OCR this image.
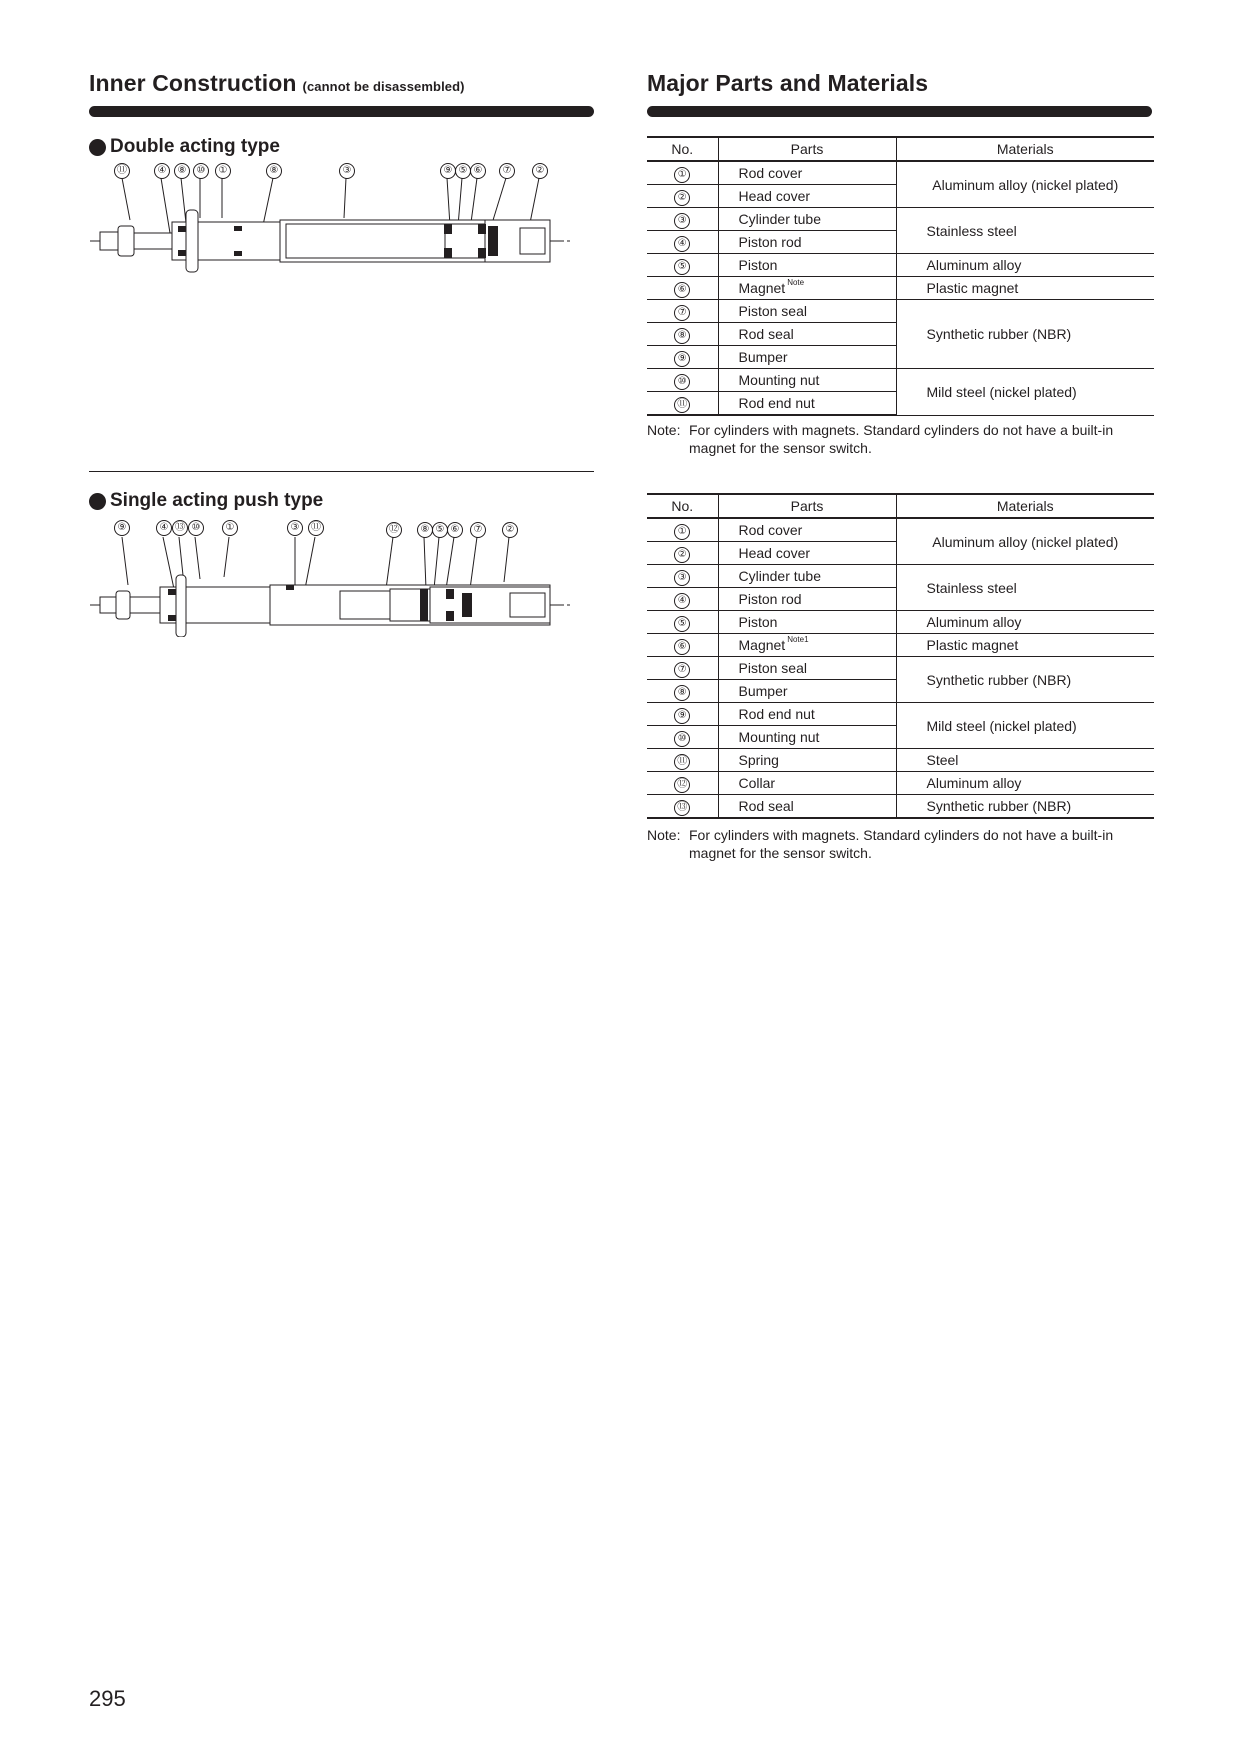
Inner Construction (cannot be disassembled)
Double acting type
⑪	④	⑧	⑩	①	⑧	③	⑨ ⑤ ⑥	⑦	②
Single acting push type
⑨	④ ⑬ ⑩	①	③	⑪	⑫	⑧ ⑤ ⑥	⑦	②
Major Parts and Materials
No.	Parts	Materials
①	Rod cover	Aluminum alloy (nickel plated)
②	Head cover	
③	Cylinder tube	Stainless steel
④	Piston rod	
⑤	Piston	Aluminum alloy
⑥	Magnet $^{Note}$	Plastic magnet
⑦	Piston seal	Synthetic rubber (NBR)
⑧	Rod seal	
⑨	Bumper	
⑩	Mounting nut	Mild steel (nickel plated)
⑪	Rod end nut	
Note: For cylinders with magnets. Standard cylinders do not have a built-in magnet for the sensor switch.
No.	Parts	Materials
①	Rod cover	Aluminum alloy (nickel plated)
②	Head cover	
③	Cylinder tube	Stainless steel
④	Piston rod	
⑤	Piston	Aluminum alloy
⑥	Magnet $^{Note1}$	Plastic magnet
⑦	Piston seal	Synthetic rubber (NBR)
⑧	Bumper	
⑨	Rod end nut	Mild steel (nickel plated)
⑩	Mounting nut	
⑪	Spring	Steel
⑫	Collar	Aluminum alloy
⑬	Rod seal	Synthetic rubber (NBR)
Note: For cylinders with magnets. Standard cylinders do not have a built-in magnet for the sensor switch.
295
